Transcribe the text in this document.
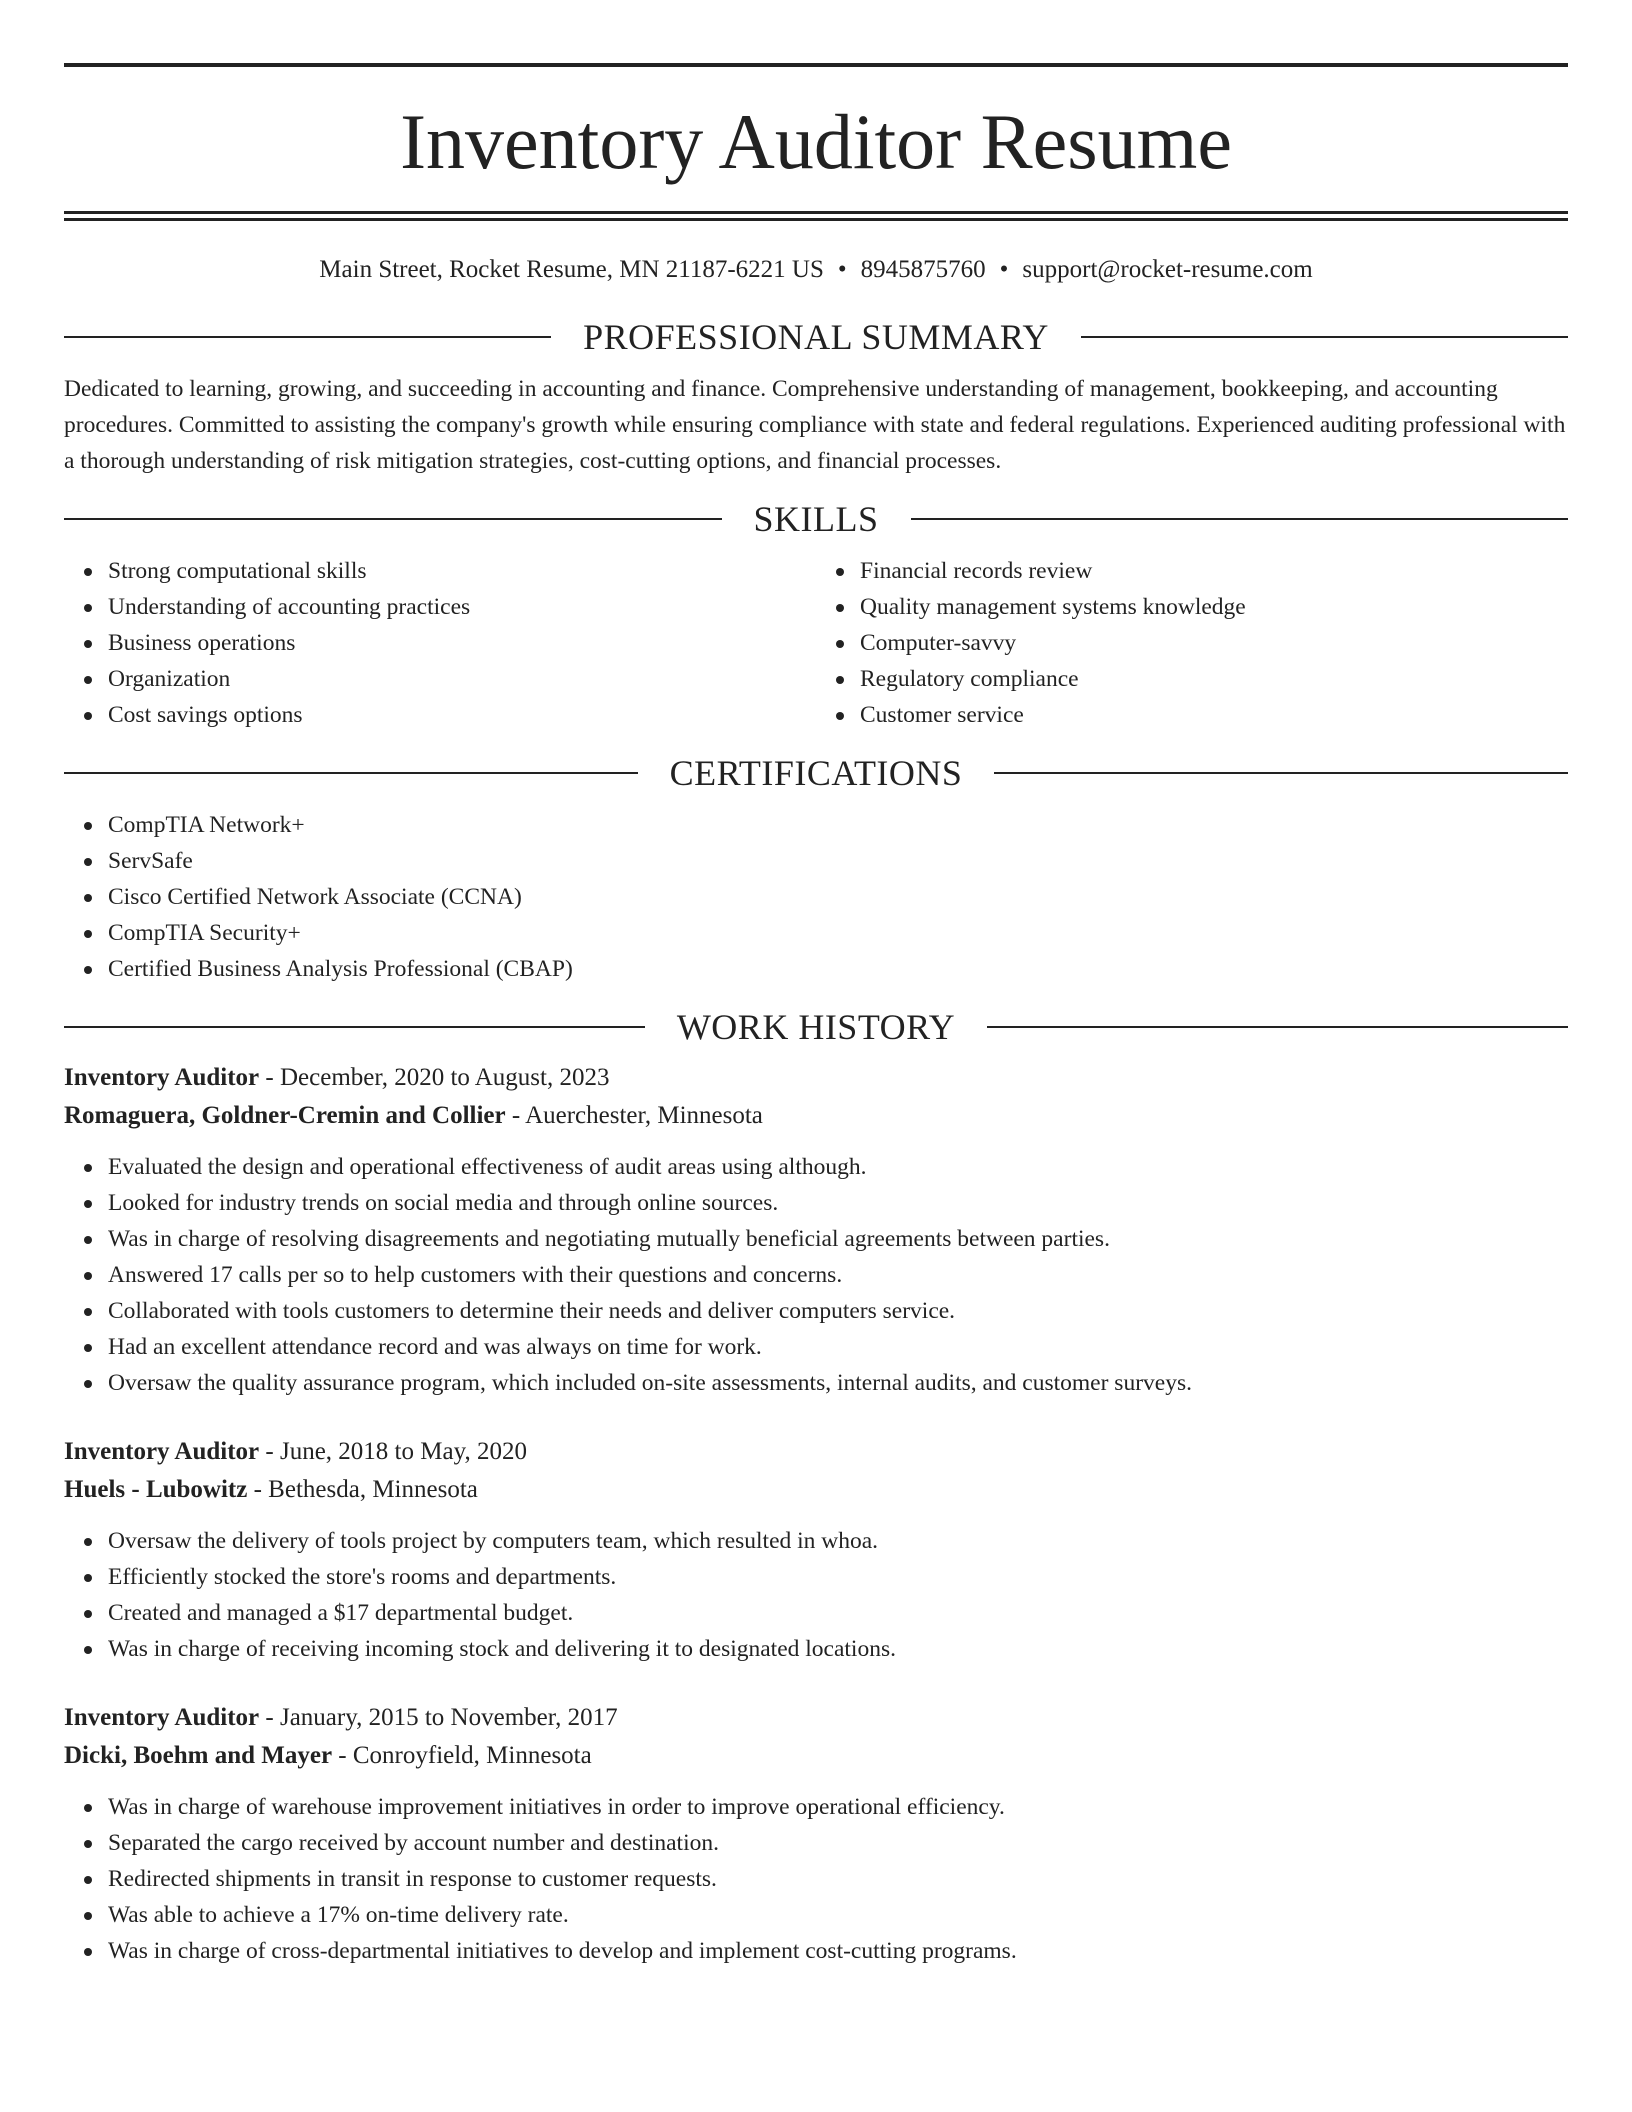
Inventory Auditor Resume
Main Street, Rocket Resume, MN 21187-6221 US • 8945875760 • support@rocket-resume.com
PROFESSIONAL SUMMARY

Dedicated to learning, growing, and succeeding in accounting and finance. Comprehensive understanding of management, bookkeeping, and accounting procedures. Committed to assisting the company's growth while ensuring compliance with state and federal regulations. Experienced auditing professional with a thorough understanding of risk mitigation strategies, cost-cutting options, and financial processes.

SKILLS
Strong computational skills
Understanding of accounting practices
Business operations
Organization
Cost savings options
Financial records review
Quality management systems knowledge
Computer-savvy
Regulatory compliance
Customer service
CERTIFICATIONS
CompTIA Network+
ServSafe
Cisco Certified Network Associate (CCNA)
CompTIA Security+
Certified Business Analysis Professional (CBAP)
WORK HISTORY
Inventory Auditor - December, 2020 to August, 2023
Romaguera, Goldner-Cremin and Collier - Auerchester, Minnesota
Evaluated the design and operational effectiveness of audit areas using although.
Looked for industry trends on social media and through online sources.
Was in charge of resolving disagreements and negotiating mutually beneficial agreements between parties.
Answered 17 calls per so to help customers with their questions and concerns.
Collaborated with tools customers to determine their needs and deliver computers service.
Had an excellent attendance record and was always on time for work.
Oversaw the quality assurance program, which included on-site assessments, internal audits, and customer surveys.
Inventory Auditor - June, 2018 to May, 2020
Huels - Lubowitz - Bethesda, Minnesota
Oversaw the delivery of tools project by computers team, which resulted in whoa.
Efficiently stocked the store's rooms and departments.
Created and managed a $17 departmental budget.
Was in charge of receiving incoming stock and delivering it to designated locations.
Inventory Auditor - January, 2015 to November, 2017
Dicki, Boehm and Mayer - Conroyfield, Minnesota
Was in charge of warehouse improvement initiatives in order to improve operational efficiency.
Separated the cargo received by account number and destination.
Redirected shipments in transit in response to customer requests.
Was able to achieve a 17% on-time delivery rate.
Was in charge of cross-departmental initiatives to develop and implement cost-cutting programs.
